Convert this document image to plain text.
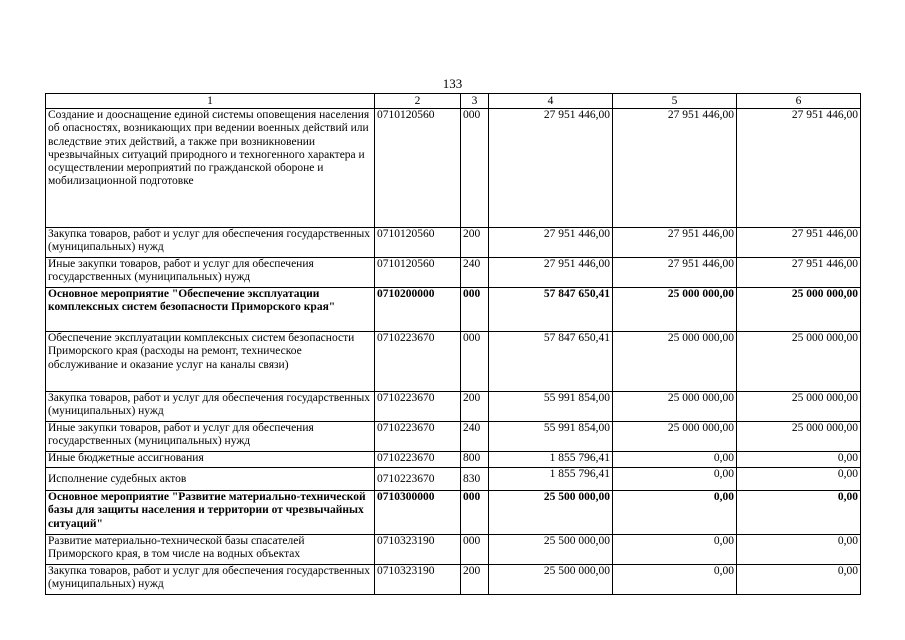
133
1	2	3	4	5	6
Создание и дооснащение единой системы оповещения населения об опасностях, возникающих при ведении военных действий или вследствие этих действий, а также при возникновении чрезвычайных ситуаций природного и техногенного характера и осуществлении мероприятий по гражданской обороне и мобилизационной подготовке	0710120560	000	27 951 446,00	27 951 446,00	27 951 446,00
Закупка товаров, работ и услуг для обеспечения государственных (муниципальных) нужд	0710120560	200	27 951 446,00	27 951 446,00	27 951 446,00
Иные закупки товаров, работ и услуг для обеспечения государственных (муниципальных) нужд	0710120560	240	27 951 446,00	27 951 446,00	27 951 446,00
Основное мероприятие "Обеспечение эксплуатации комплексных систем безопасности Приморского края"	0710200000	000	57 847 650,41	25 000 000,00	25 000 000,00
Обеспечение эксплуатации комплексных систем безопасности Приморского края (расходы на ремонт, техническое обслуживание и оказание услуг на каналы связи)	0710223670	000	57 847 650,41	25 000 000,00	25 000 000,00
Закупка товаров, работ и услуг для обеспечения государственных (муниципальных) нужд	0710223670	200	55 991 854,00	25 000 000,00	25 000 000,00
Иные закупки товаров, работ и услуг для обеспечения государственных (муниципальных) нужд	0710223670	240	55 991 854,00	25 000 000,00	25 000 000,00
Иные бюджетные ассигнования	0710223670	800	1 855 796,41	0,00	0,00
Исполнение судебных актов	0710223670	830	1 855 796,41	0,00	0,00
Основное мероприятие "Развитие материально-технической базы для защиты населения и территории от чрезвычайных ситуаций"	0710300000	000	25 500 000,00	0,00	0,00
Развитие материально-технической базы спасателей Приморского края, в том числе на водных объектах	0710323190	000	25 500 000,00	0,00	0,00
Закупка товаров, работ и услуг для обеспечения государственных (муниципальных) нужд	0710323190	200	25 500 000,00	0,00	0,00
